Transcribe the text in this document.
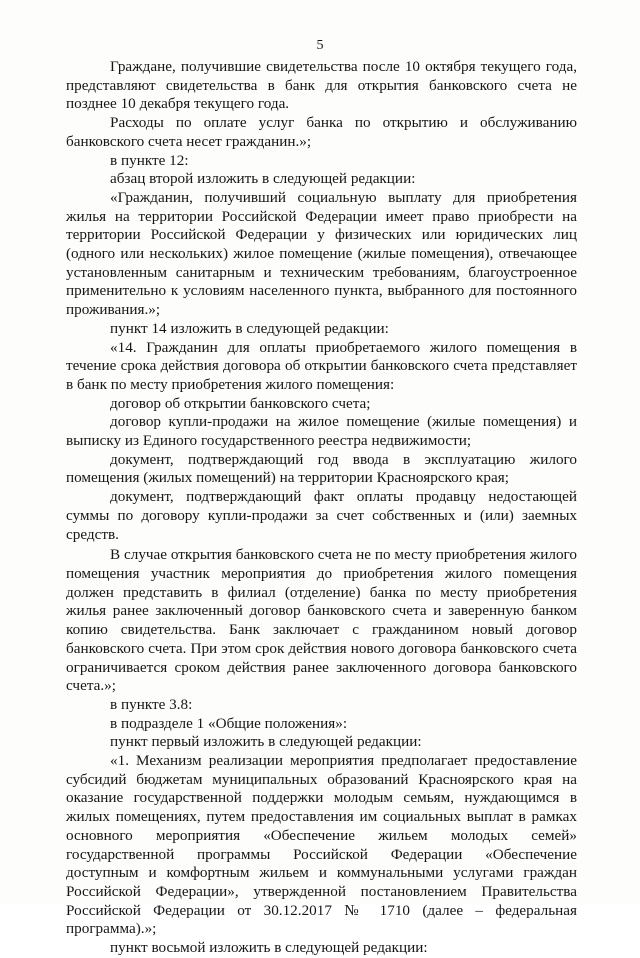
5

Граждане, получившие свидетельства после 10 октября текущего года, представляют свидетельства в банк для открытия банковского счета не позднее 10 декабря текущего года.

Расходы по оплате услуг банка по открытию и обслуживанию банковского счета несет гражданин.»;

в пункте 12:

абзац второй изложить в следующей редакции:

«Гражданин, получивший социальную выплату для приобретения жилья на территории Российской Федерации имеет право приобрести на территории Российской Федерации у физических или юридических лиц (одного или нескольких) жилое помещение (жилые помещения), отвечающее установленным санитарным и техническим требованиям, благоустроенное применительно к условиям населенного пункта, выбранного для постоянного проживания.»;

пункт 14 изложить в следующей редакции:

«14. Гражданин для оплаты приобретаемого жилого помещения в течение срока действия договора об открытии банковского счета представляет в банк по месту приобретения жилого помещения:

договор об открытии банковского счета;

договор купли-продажи на жилое помещение (жилые помещения) и выписку из Единого государственного реестра недвижимости;

документ, подтверждающий год ввода в эксплуатацию жилого помещения (жилых помещений) на территории Красноярского края;

документ, подтверждающий факт оплаты продавцу недостающей суммы по договору купли-продажи за счет собственных и (или) заемных средств.

В случае открытия банковского счета не по месту приобретения жилого помещения участник мероприятия до приобретения жилого помещения должен представить в филиал (отделение) банка по месту приобретения жилья ранее заключенный договор банковского счета и заверенную банком копию свидетельства. Банк заключает с гражданином новый договор банковского счета. При этом срок действия нового договора банковского счета ограничивается сроком действия ранее заключенного договора банковского счета.»;

в пункте 3.8:

в подразделе 1 «Общие положения»:

пункт первый изложить в следующей редакции:

«1. Механизм реализации мероприятия предполагает предоставление субсидий бюджетам муниципальных образований Красноярского края на оказание государственной поддержки молодым семьям, нуждающимся в жилых помещениях, путем предоставления им социальных выплат в рамках основного мероприятия «Обеспечение жильем молодых семей» государственной программы Российской Федерации «Обеспечение доступным и комфортным жильем и коммунальными услугами граждан Российской Федерации», утвержденной постановлением Правительства Российской Федерации от 30.12.2017 № 1710 (далее – федеральная программа).»;

пункт восьмой изложить в следующей редакции:
